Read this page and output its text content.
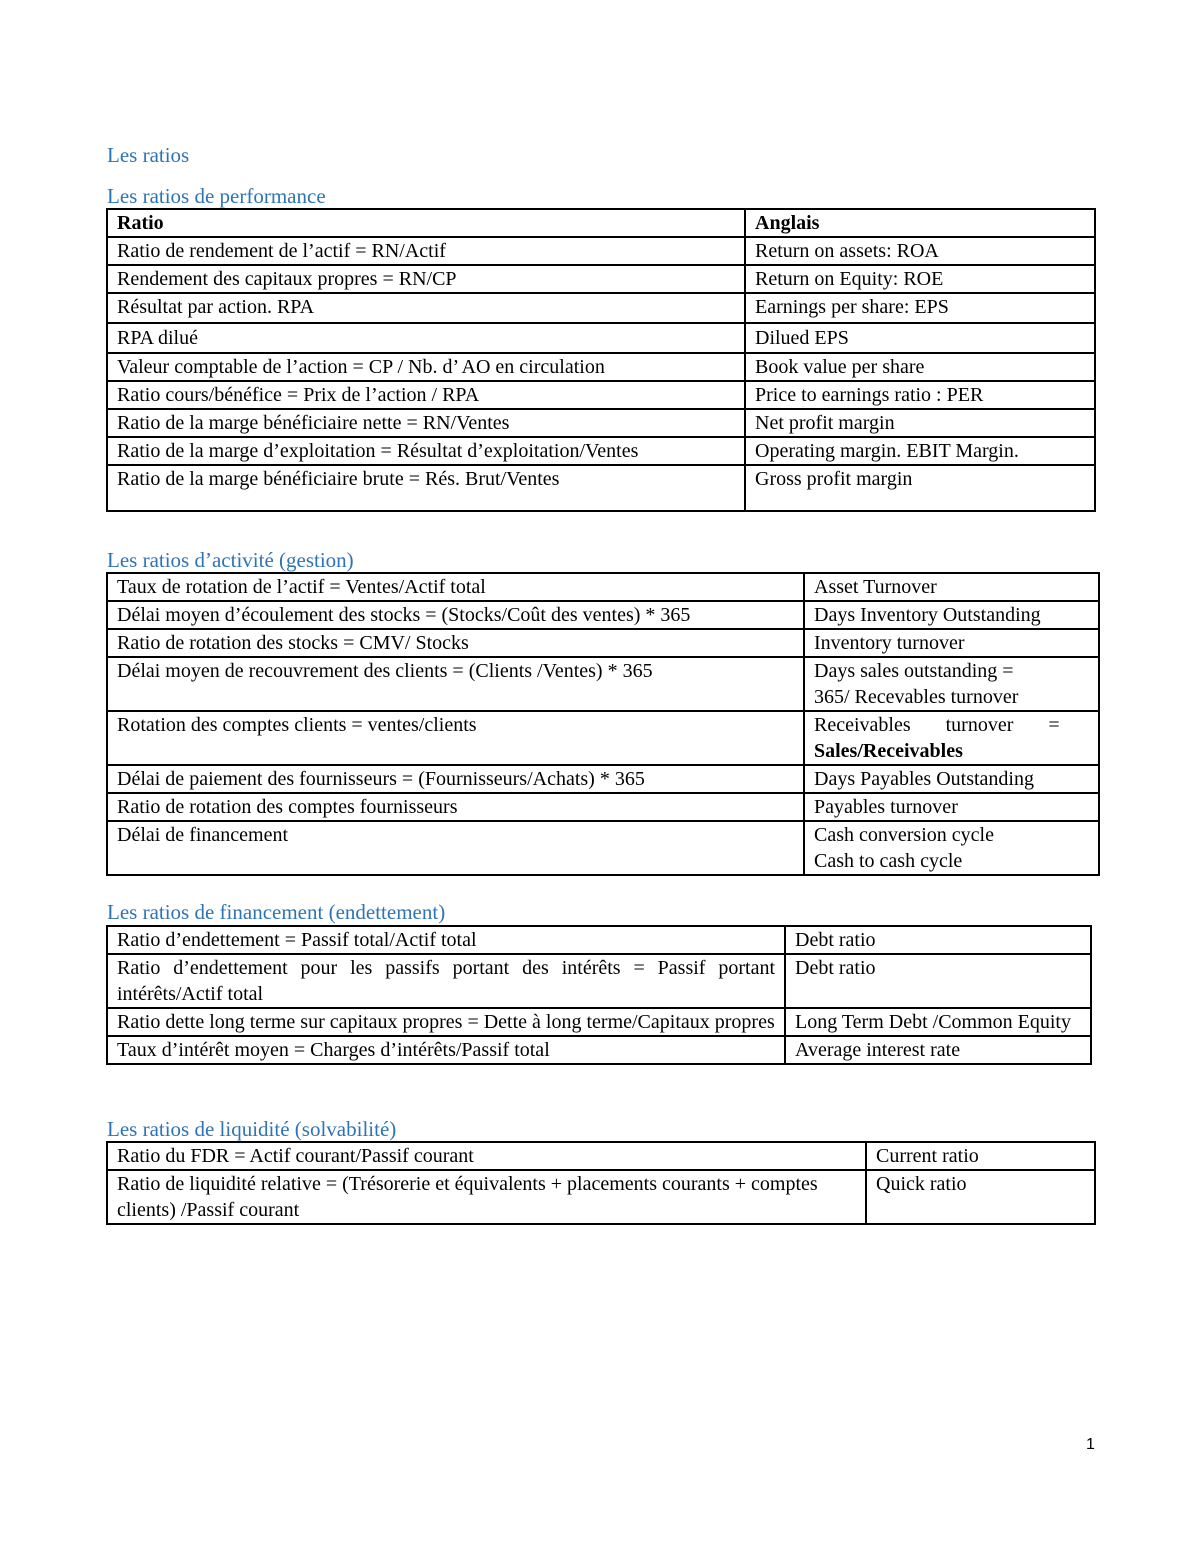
Les ratios
Les ratios de performance
Ratio	Anglais
Ratio de rendement de l’actif = RN/Actif	Return on assets: ROA
Rendement des capitaux propres = RN/CP	Return on Equity: ROE
Résultat par action. RPA	Earnings per share: EPS
RPA dilué	Dilued EPS
Valeur comptable de l’action = CP / Nb. d’ AO en circulation	Book value per share
Ratio cours/bénéfice = Prix de l’action / RPA	Price to earnings ratio : PER
Ratio de la marge bénéficiaire nette = RN/Ventes	Net profit margin
Ratio de la marge d’exploitation = Résultat d’exploitation/Ventes	Operating margin. EBIT Margin.
Ratio de la marge bénéficiaire brute = Rés. Brut/Ventes	Gross profit margin
Les ratios d’activité (gestion)
Taux de rotation de l’actif = Ventes/Actif total	Asset Turnover
Délai moyen d’écoulement des stocks = (Stocks/Coût des ventes) * 365	Days Inventory Outstanding
Ratio de rotation des stocks = CMV/ Stocks	Inventory turnover
Délai moyen de recouvrement des clients = (Clients /Ventes) * 365	Days sales outstanding =
365/ Recevables turnover

Rotation des comptes clients = ventes/clients	Receivables turnover =
Sales/Receivables

Délai de paiement des fournisseurs = (Fournisseurs/Achats) * 365	Days Payables Outstanding
Ratio de rotation des comptes fournisseurs	Payables turnover
Délai de financement	Cash conversion cycle
Cash to cash cycle
Les ratios de financement (endettement)
Ratio d’endettement = Passif total/Actif total	Debt ratio
Ratio d’endettement pour les passifs portant des intérêts = Passif portant intérêts/Actif total	Debt ratio
Ratio dette long terme sur capitaux propres = Dette à long terme/Capitaux propres	Long Term Debt /Common Equity
Taux d’intérêt moyen = Charges d’intérêts/Passif total	Average interest rate
Les ratios de liquidité (solvabilité)
Ratio du FDR = Actif courant/Passif courant	Current ratio
Ratio de liquidité relative = (Trésorerie et équivalents + placements courants + comptes clients) /Passif courant	Quick ratio
1
